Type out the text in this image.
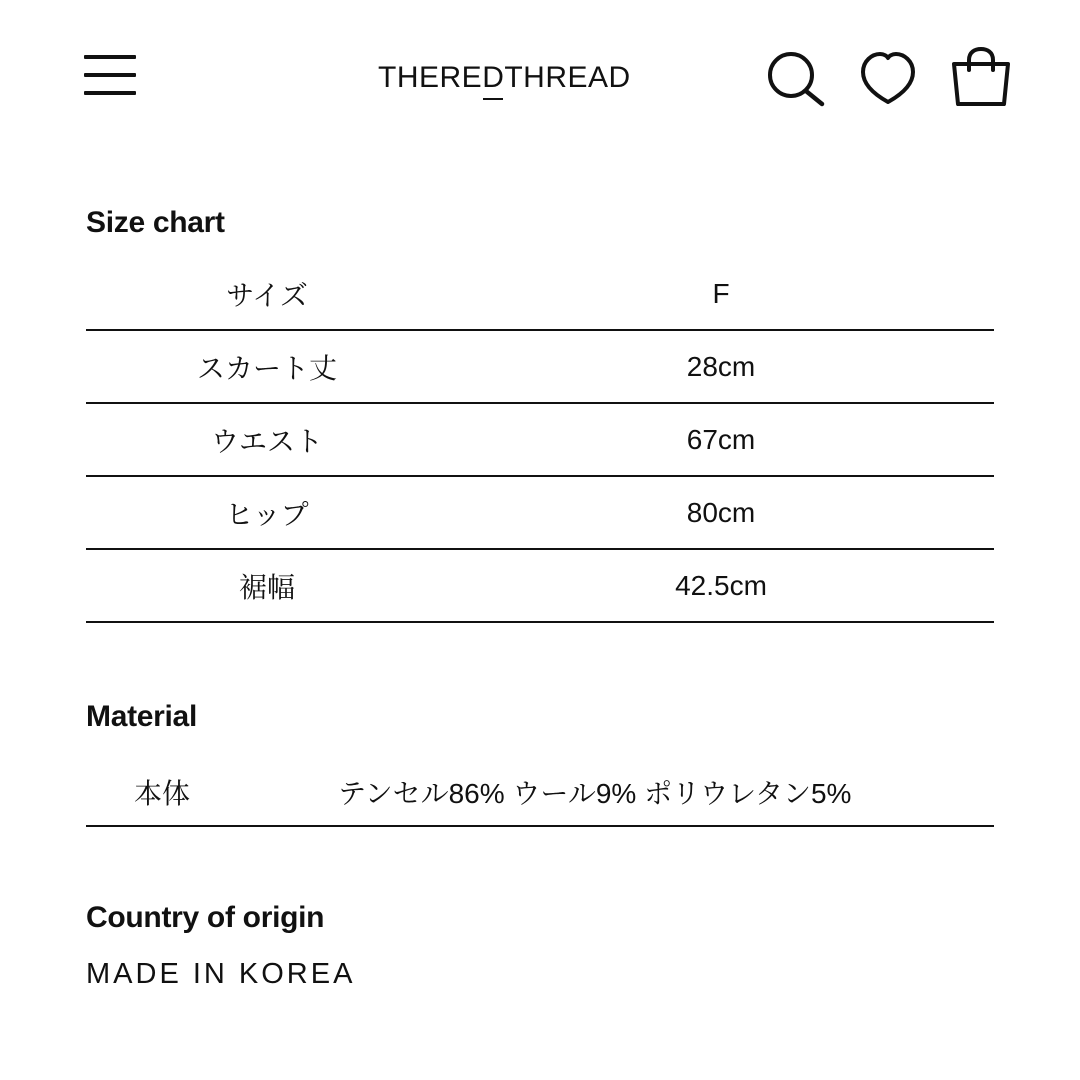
THEREDTHREAD
Size chart
サイズ	F
スカート丈	28cm
ウエスト	67cm
ヒップ	80cm
裾幅	42.5cm
Material
本体	テンセル86% ウール9% ポリウレタン5%
Country of origin
MADE IN KOREA
